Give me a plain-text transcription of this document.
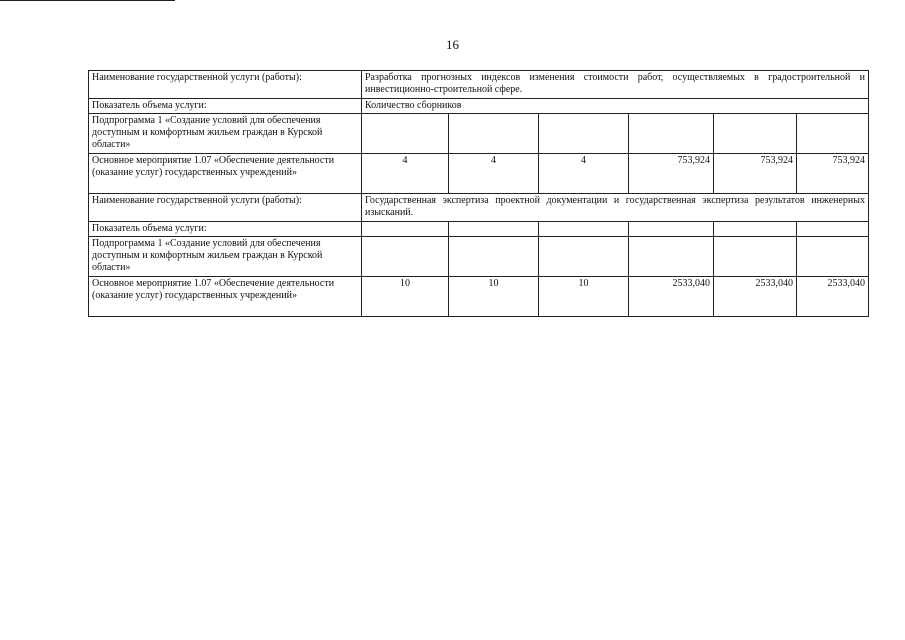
16
Наименование государственной услуги (работы):	Разработка прогнозных индексов изменения стоимости работ, осуществляемых в градостроительной и инвестиционно-строительной сфере.					
Показатель объема услуги:	Количество сборников					
Подпрограмма 1 «Создание условий для обеспечения доступным и комфортным жильем граждан в Курской области»						
Основное мероприятие 1.07 «Обеспечение деятельности (оказание услуг) государственных учреждений»	4	4	4	753,924	753,924	753,924
Наименование государственной услуги (работы):	Государственная экспертиза проектной документации и государственная экспертиза результатов инженерных изысканий.					
Показатель объема услуги:						
Подпрограмма 1 «Создание условий для обеспечения доступным и комфортным жильем граждан в Курской области»						
Основное мероприятие 1.07 «Обеспечение деятельности (оказание услуг) государственных учреждений»	10	10	10	2533,040	2533,040	2533,040
